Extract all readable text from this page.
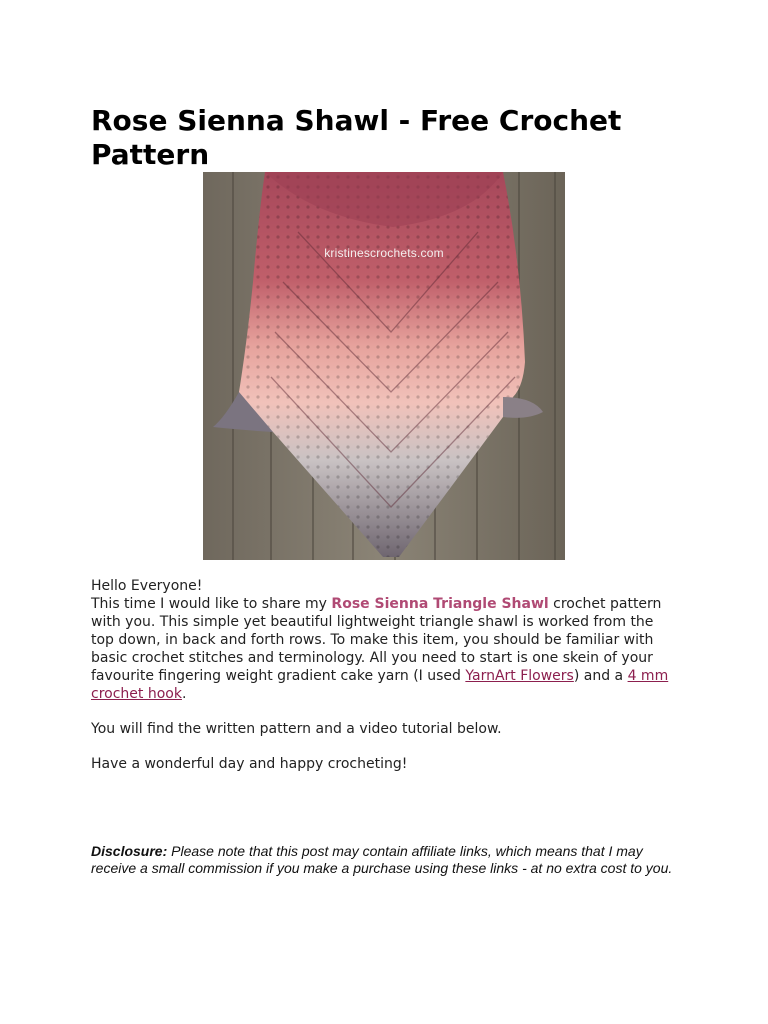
Rose Sienna Shawl - Free Crochet Pattern
kristinescrochets.com

Hello Everyone!

This time I would like to share my Rose Sienna Triangle Shawl crochet pattern with you. This simple yet beautiful lightweight triangle shawl is worked from the top down, in back and forth rows. To make this item, you should be familiar with basic crochet stitches and terminology. All you need to start is one skein of your favourite fingering weight gradient cake yarn (I used YarnArt Flowers) and a 4 mm crochet hook.

You will find the written pattern and a video tutorial below.

Have a wonderful day and happy crocheting!

Disclosure: Please note that this post may contain affiliate links, which means that I may receive a small commission if you make a purchase using these links - at no extra cost to you.
